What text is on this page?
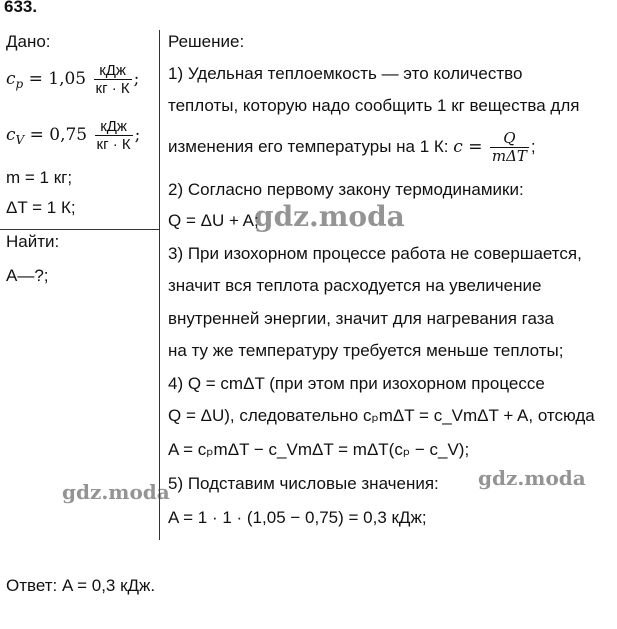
633.
Дано:
$c_p = 1,05 \frac{\text{кДж}}{кг \cdot К}$ ;
$c_V = 0,75 \frac{\text{кДж}}{кг \cdot К}$ ;
m = 1 кг;
ΔT = 1 К;
Найти:
A—?;
Решение:
1) Удельная теплоемкость — это количество
теплоты, которую надо сообщить 1 кг вещества для
изменения его температуры на 1 К: $c = \frac{Q}{\text{mΔT}}$ ;
2) Согласно первому закону термодинамики:
Q = ΔU + A;
3) При изохорном процессе работа не совершается,
значит вся теплота расходуется на увеличение
внутренней энергии, значит для нагревания газа
на ту же температуру требуется меньше теплоты;
4) Q = cmΔT (при этом при изохорном процессе
Q = ΔU), следовательно cₚmΔT = c_VmΔT + A, отсюда
A = cₚmΔT − c_VmΔT = mΔT(cₚ − c_V);
5) Подставим числовые значения:
A = 1 · 1 · (1,05 − 0,75) = 0,3 кДж;
Ответ: A = 0,3 кДж.
gdz.moda
gdz.moda
gdz.moda
